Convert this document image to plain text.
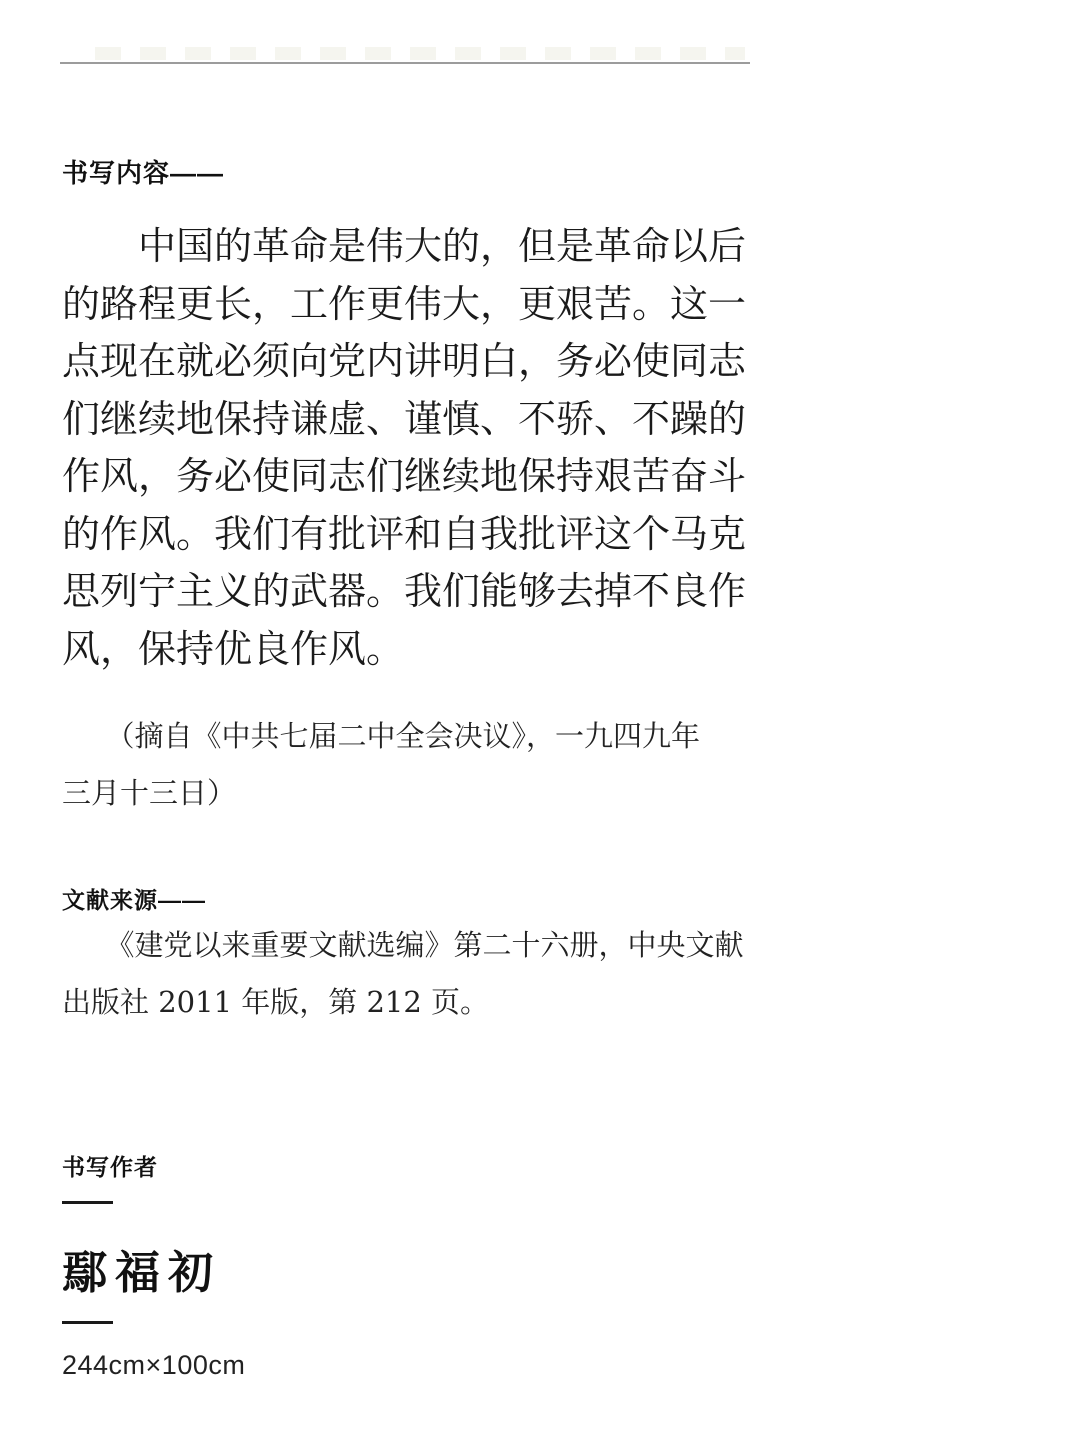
书写内容——
　　中国的革命是伟大的，但是革命以后
的路程更长，工作更伟大，更艰苦。这一
点现在就必须向党内讲明白，务必使同志
们继续地保持谦虚、谨慎、不骄、不躁的
作风，务必使同志们继续地保持艰苦奋斗
的作风。我们有批评和自我批评这个马克
思列宁主义的武器。我们能够去掉不良作
风，保持优良作风。
　　（摘自《中共七届二中全会决议》，一九四九年
三月十三日）
文献来源——
　　《建党以来重要文献选编》第二十六册，中央文献
出版社 2011 年版，第 212 页。
书写作者
鄢福初
244cm×100cm
